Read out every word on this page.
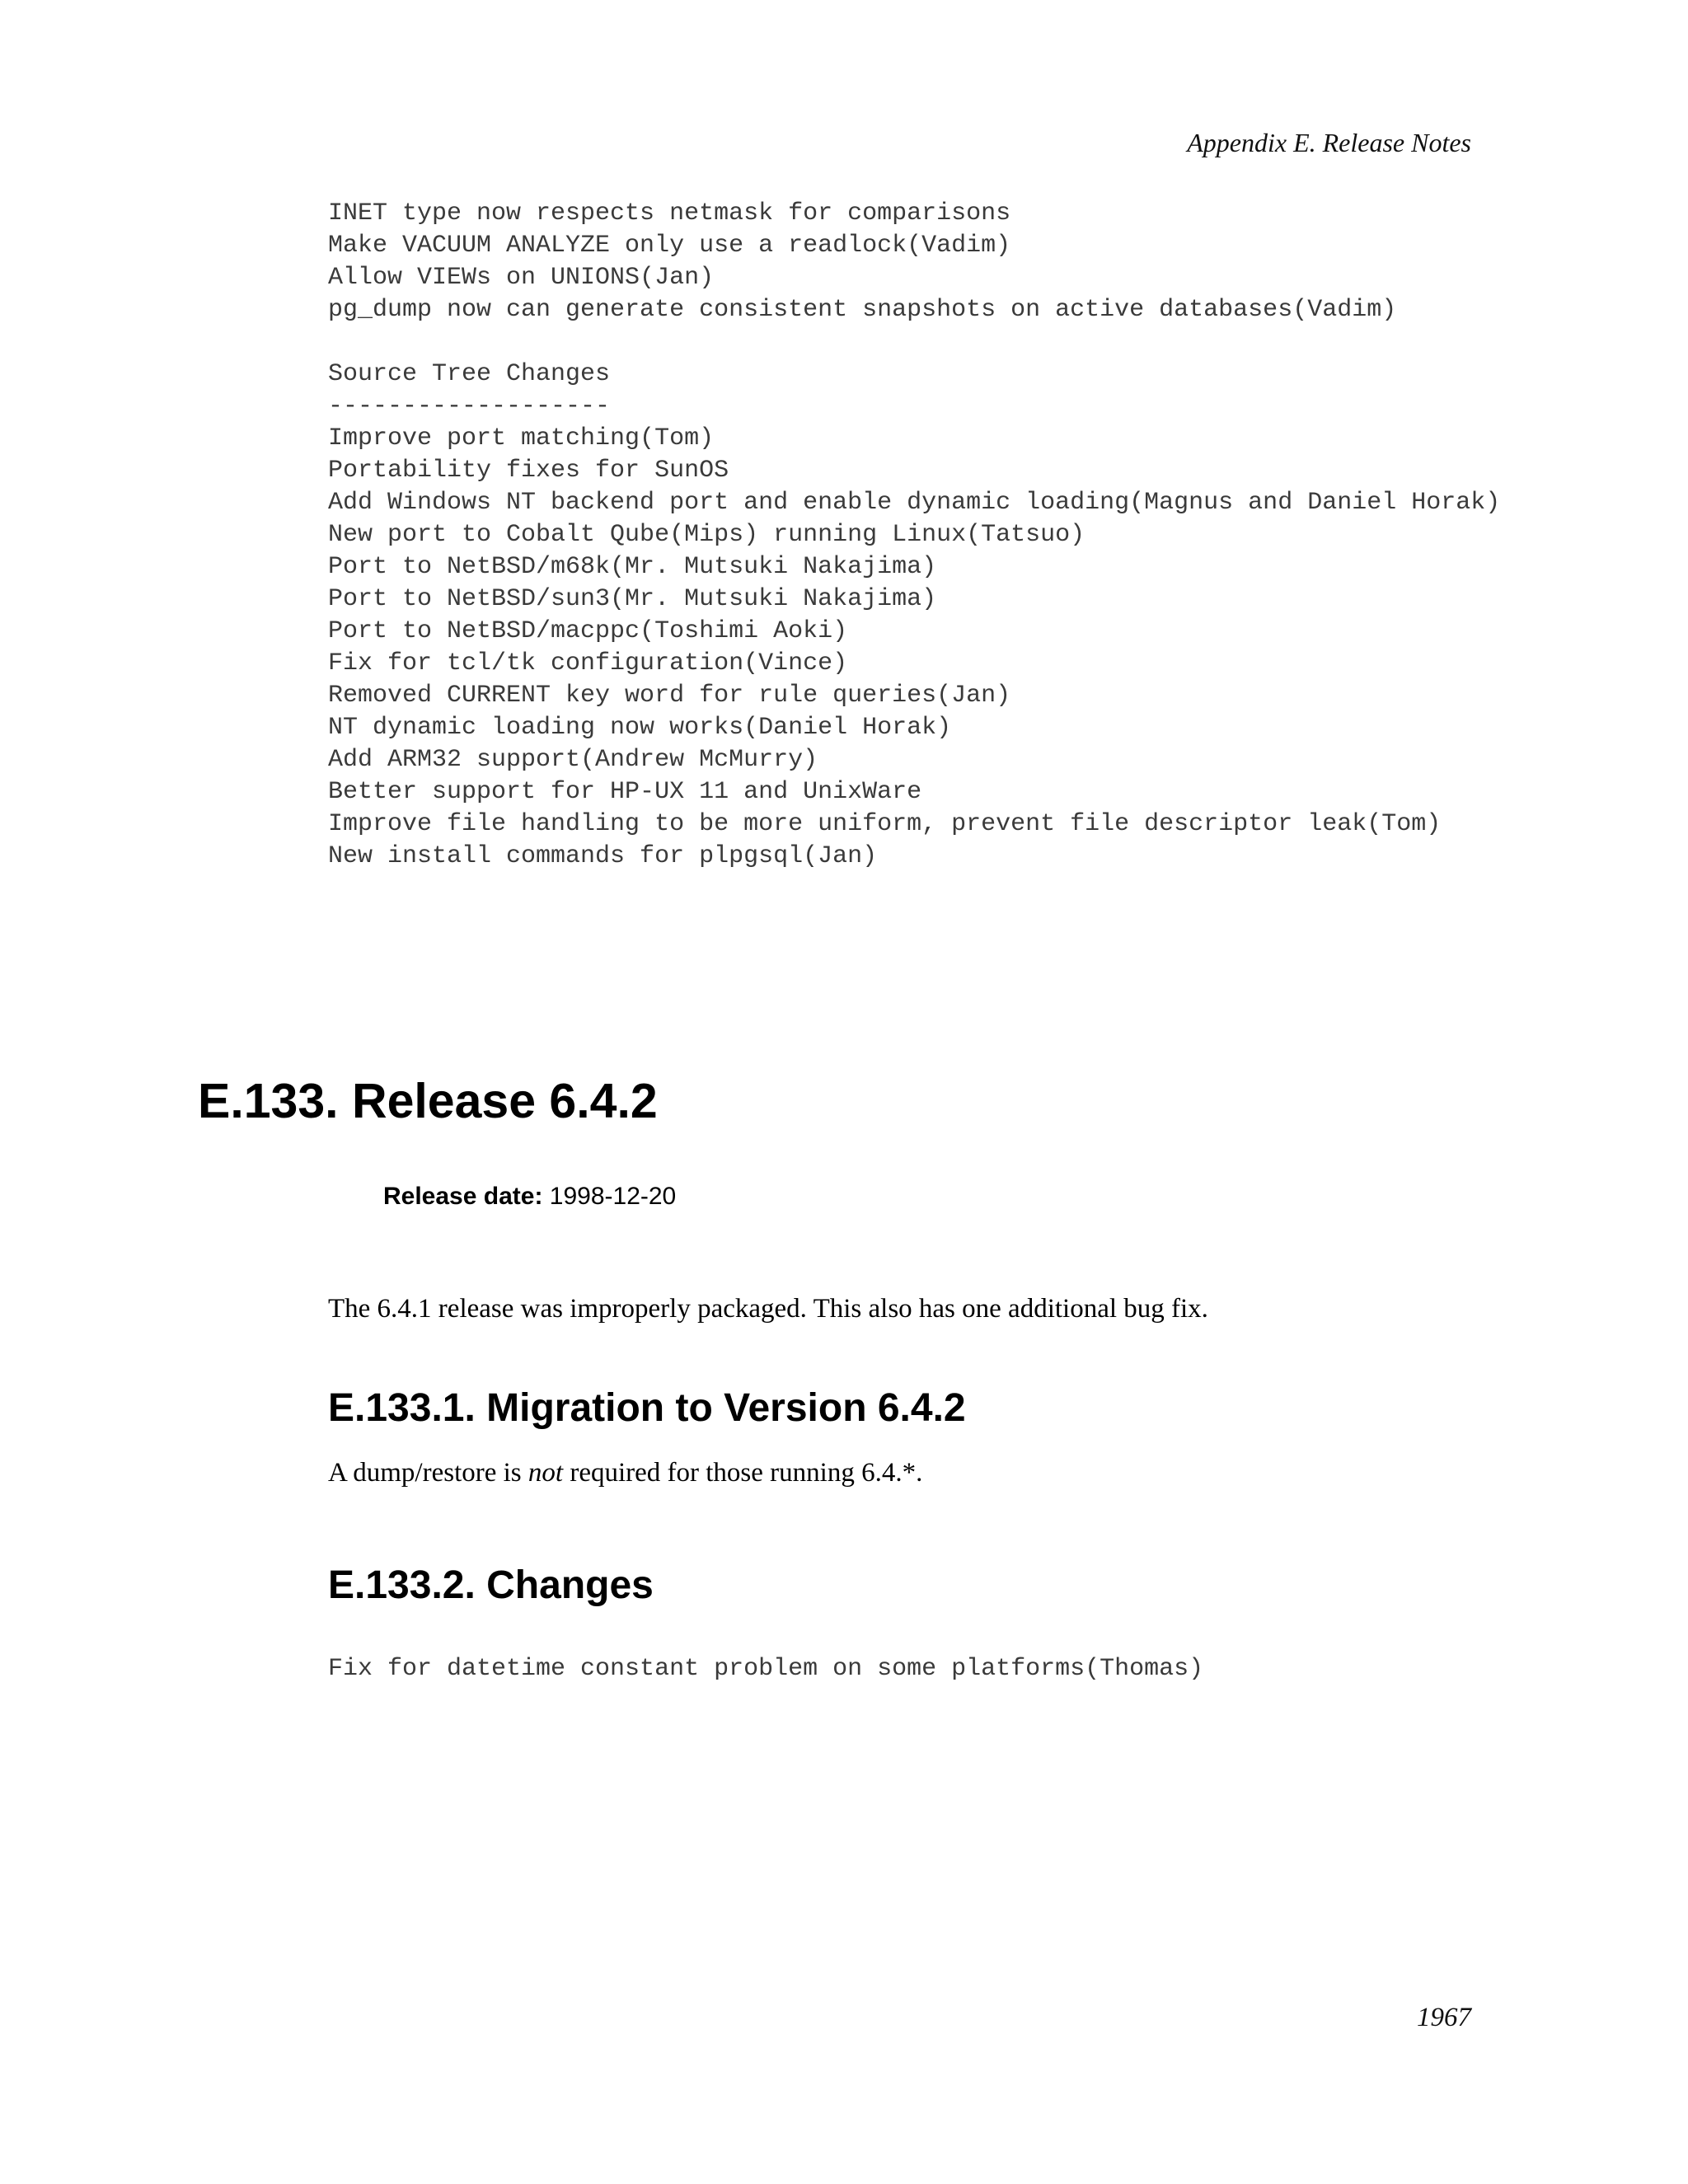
Appendix E. Release Notes
INET type now respects netmask for comparisons
Make VACUUM ANALYZE only use a readlock(Vadim)
Allow VIEWs on UNIONS(Jan)
pg_dump now can generate consistent snapshots on active databases(Vadim)
Source Tree Changes
-------------------
Improve port matching(Tom)
Portability fixes for SunOS
Add Windows NT backend port and enable dynamic loading(Magnus and Daniel Horak)
New port to Cobalt Qube(Mips) running Linux(Tatsuo)
Port to NetBSD/m68k(Mr. Mutsuki Nakajima)
Port to NetBSD/sun3(Mr. Mutsuki Nakajima)
Port to NetBSD/macppc(Toshimi Aoki)
Fix for tcl/tk configuration(Vince)
Removed CURRENT key word for rule queries(Jan)
NT dynamic loading now works(Daniel Horak)
Add ARM32 support(Andrew McMurry)
Better support for HP-UX 11 and UnixWare
Improve file handling to be more uniform, prevent file descriptor leak(Tom)
New install commands for plpgsql(Jan)
E.133. Release 6.4.2

Release date: 1998-12-20

The 6.4.1 release was improperly packaged. This also has one additional bug fix.

E.133.1. Migration to Version 6.4.2

A dump/restore is not required for those running 6.4.*.

E.133.2. Changes
Fix for datetime constant problem on some platforms(Thomas)
1967
